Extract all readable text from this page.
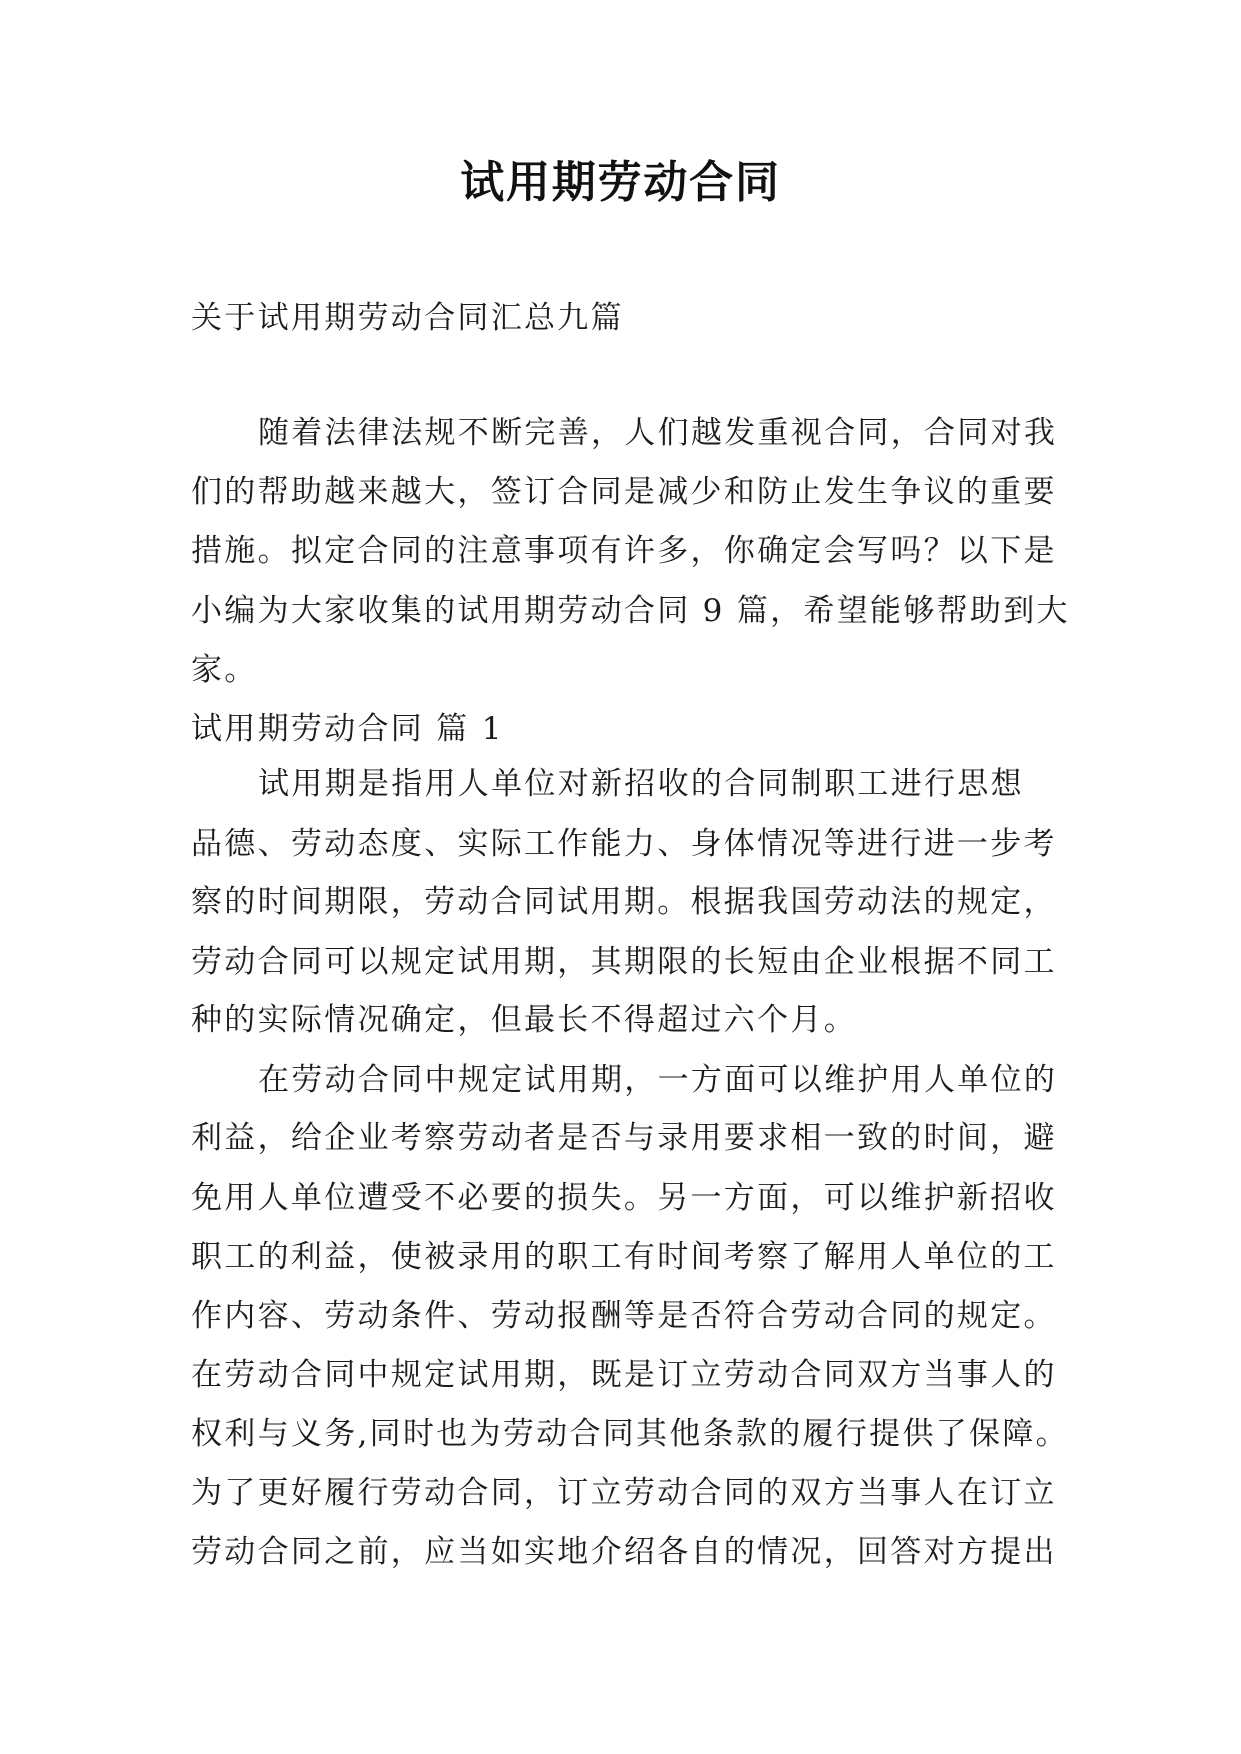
试用期劳动合同
关于试用期劳动合同汇总九篇
随着法律法规不断完善，人们越发重视合同，合同对我
们的帮助越来越大，签订合同是减少和防止发生争议的重要
措施。拟定合同的注意事项有许多，你确定会写吗？以下是
小编为大家收集的试用期劳动合同 9 篇，希望能够帮助到大
家。
试用期劳动合同 篇 1
试用期是指用人单位对新招收的合同制职工进行思想
品德、劳动态度、实际工作能力、身体情况等进行进一步考
察的时间期限，劳动合同试用期。根据我国劳动法的规定，
劳动合同可以规定试用期，其期限的长短由企业根据不同工
种的实际情况确定，但最长不得超过六个月。
在劳动合同中规定试用期，一方面可以维护用人单位的
利益，给企业考察劳动者是否与录用要求相一致的时间，避
免用人单位遭受不必要的损失。另一方面，可以维护新招收
职工的利益，使被录用的职工有时间考察了解用人单位的工
作内容、劳动条件、劳动报酬等是否符合劳动合同的规定。
在劳动合同中规定试用期，既是订立劳动合同双方当事人的
权利与义务,同时也为劳动合同其他条款的履行提供了保障。
为了更好履行劳动合同，订立劳动合同的双方当事人在订立
劳动合同之前，应当如实地介绍各自的情况，回答对方提出
